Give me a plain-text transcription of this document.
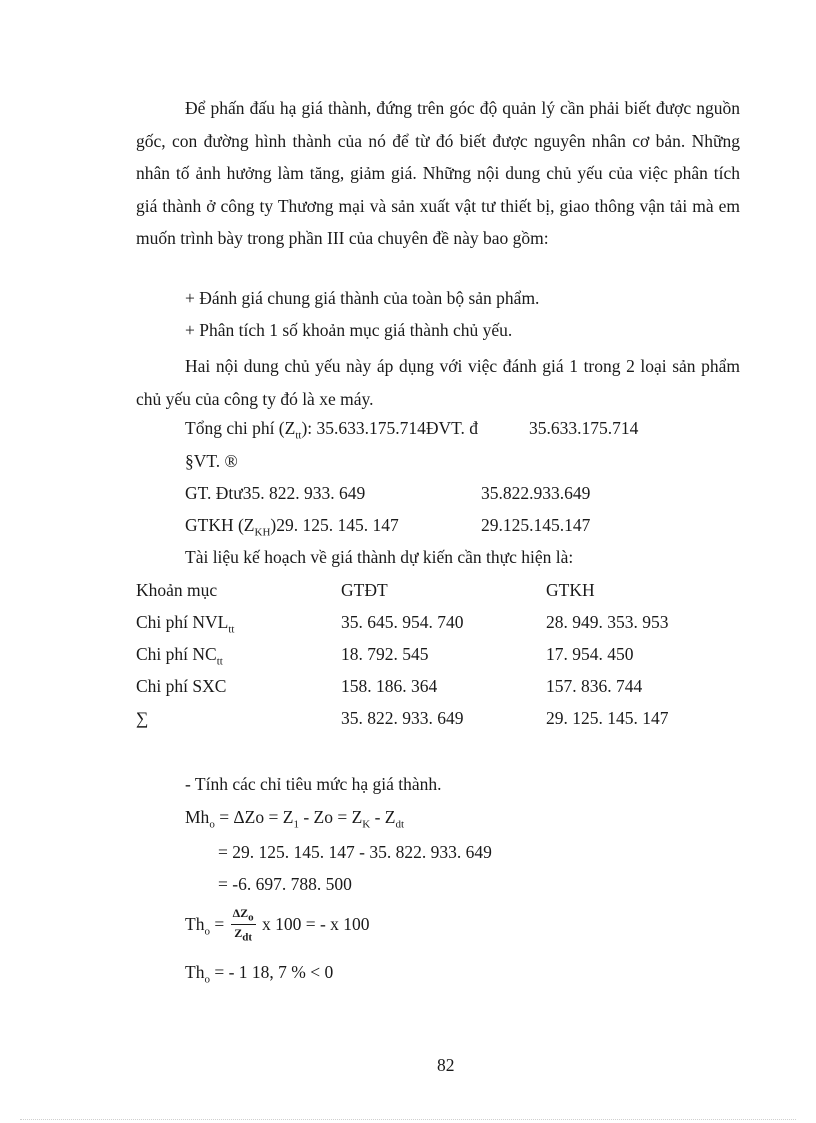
Để phấn đấu hạ giá thành, đứng trên góc độ quản lý cần phải biết được nguồn gốc, con đường hình thành của nó để từ đó biết được nguyên nhân cơ bản. Những nhân tố ảnh hưởng làm tăng, giảm giá. Những nội dung chủ yếu của việc phân tích giá thành ở công ty Thương mại và sản xuất vật tư thiết bị, giao thông vận tải mà em muốn trình bày trong phần III của chuyên đề này bao gồm:
+ Đánh giá chung giá thành của toàn bộ sản phẩm.
+ Phân tích 1 số khoản mục giá thành chủ yếu.
Hai nội dung chủ yếu này áp dụng với việc đánh giá 1 trong 2 loại sản phẩm chủ yếu của công ty đó là xe máy.
Tổng chi phí $(Z_{tt})$: 35.633.175.714ĐVT. đ	35.633.175.714
§VT. ®
GT. Đtư35. 822. 933. 649	35.822.933.649
GTKH $(Z_{KH})29$. 125. 145. 147	29.125.145.147
Tài liệu kế hoạch về giá thành dự kiến cần thực hiện là:
Khoản mục	GTĐT	GTKH
Chi phí $NVL_{tt}$	35. 645. 954. 740	28. 949. 353. 953
Chi phí $NC_{tt}$	18. 792. 545	17. 954. 450
Chi phí SXC	158. 186. 364	157. 836. 744
∑	35. 822. 933. 649	29. 125. 145. 147
- Tính các chỉ tiêu mức hạ giá thành.
$Mh_o = \Delta Zo = Z_1 - Zo = Z_K - Z_{dt}$
= 29. 125. 145. 147 - 35. 822. 933. 649
= -6. 697. 788. 500
$Th_o = \frac{\Delta Z_o}{Z_{dt}}$ x 100 = - x 100
$Th_o$ = - 1 18, 7 % < 0
82
